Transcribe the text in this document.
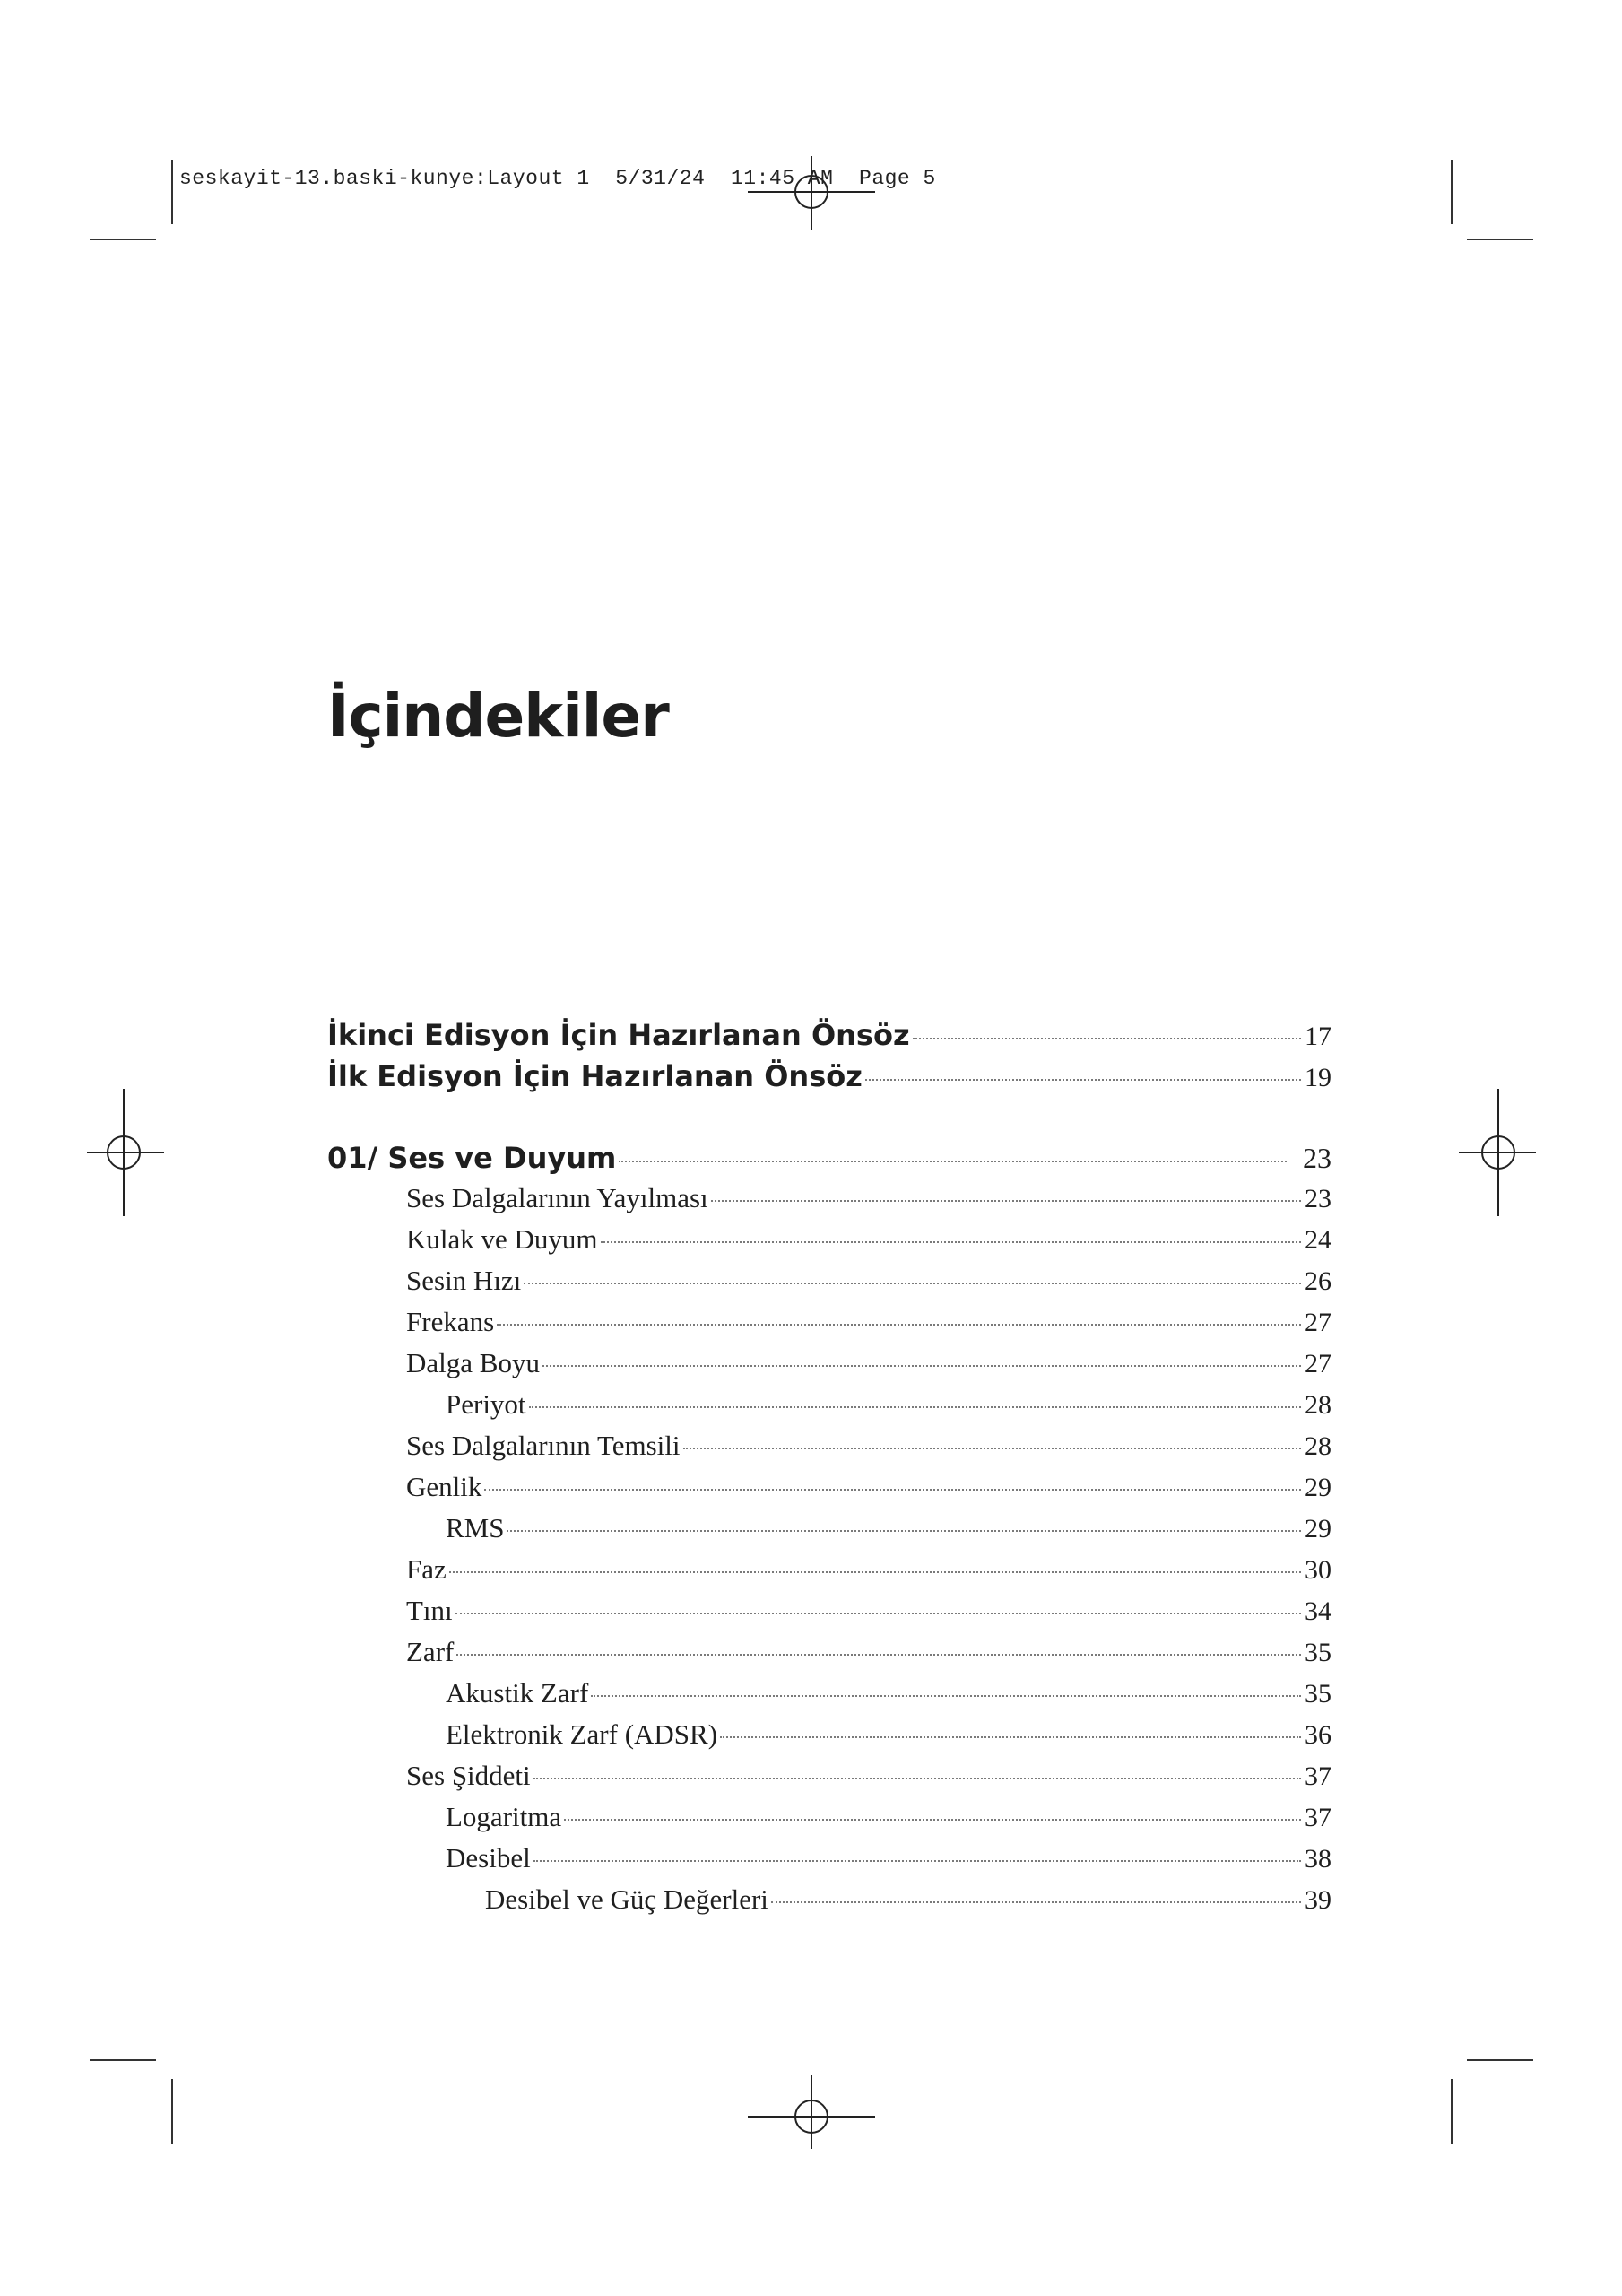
seskayit-13.baski-kunye:Layout 1  5/31/24  11:45 AM  Page 5
İçindekiler
İkinci Edisyon İçin Hazırlanan Önsöz	17
İlk Edisyon İçin Hazırlanan Önsöz	19
01/ Ses ve Duyum	23
Ses Dalgalarının Yayılması	23
Kulak ve Duyum	24
Sesin Hızı	26
Frekans	27
Dalga Boyu	27
Periyot	28
Ses Dalgalarının Temsili	28
Genlik	29
RMS	29
Faz	30
Tını	34
Zarf	35
Akustik Zarf	35
Elektronik Zarf (ADSR)	36
Ses Şiddeti	37
Logaritma	37
Desibel	38
Desibel ve Güç Değerleri	39
